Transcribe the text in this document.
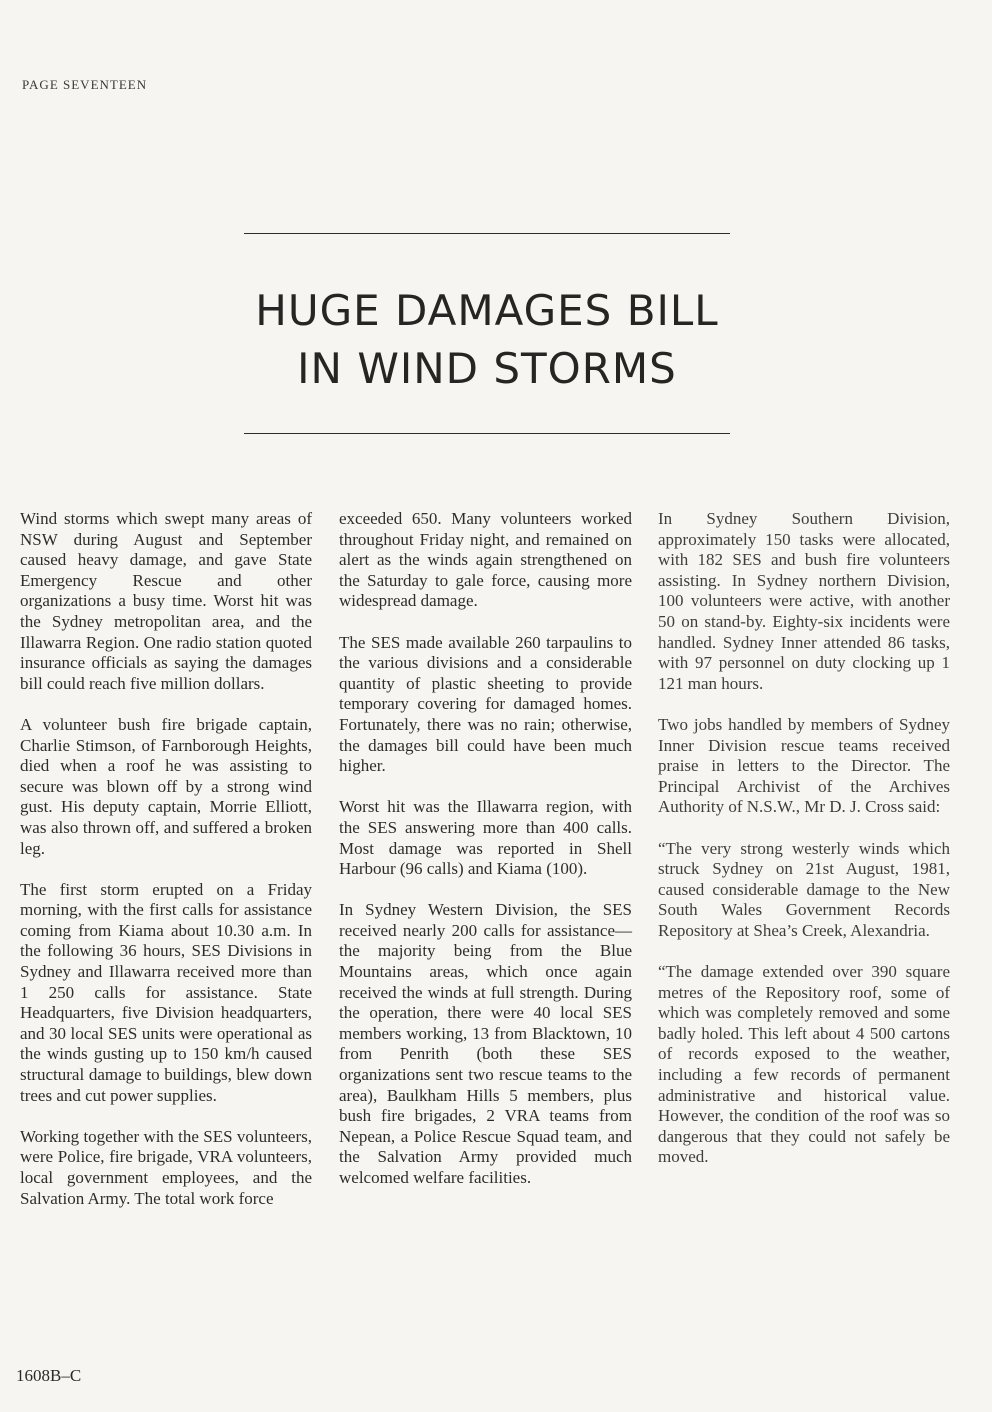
PAGE SEVENTEEN
HUGE DAMAGES BILL
IN WIND STORMS

Wind storms which swept many areas of NSW during August and September caused heavy damage, and gave State Emergency Rescue and other organizations a busy time. Worst hit was the Sydney metropolitan area, and the Illawarra Region. One radio station quoted insurance officials as saying the damages bill could reach five million dollars.

A volunteer bush fire brigade captain, Charlie Stimson, of Farnborough Heights, died when a roof he was assisting to secure was blown off by a strong wind gust. His deputy captain, Morrie Elliott, was also thrown off, and suffered a broken leg.

The first storm erupted on a Friday morning, with the first calls for assistance coming from Kiama about 10.30 a.m. In the following 36 hours, SES Divisions in Sydney and Illawarra received more than 1 250 calls for assistance. State Headquarters, five Division headquarters, and 30 local SES units were operational as the winds gusting up to 150 km/h caused structural damage to buildings, blew down trees and cut power supplies.

Working together with the SES volunteers, were Police, fire brigade, VRA volunteers, local government employees, and the Salvation Army. The total work force

exceeded 650. Many volunteers worked throughout Friday night, and remained on alert as the winds again strengthened on the Saturday to gale force, causing more widespread damage.

The SES made available 260 tarpaulins to the various divisions and a considerable quantity of plastic sheeting to provide temporary covering for damaged homes. Fortunately, there was no rain; otherwise, the damages bill could have been much higher.

Worst hit was the Illawarra region, with the SES answering more than 400 calls. Most damage was reported in Shell Harbour (96 calls) and Kiama (100).

In Sydney Western Division, the SES received nearly 200 calls for assistance—the majority being from the Blue Mountains areas, which once again received the winds at full strength. During the operation, there were 40 local SES members working, 13 from Blacktown, 10 from Penrith (both these SES organizations sent two rescue teams to the area), Baulkham Hills 5 members, plus bush fire brigades, 2 VRA teams from Nepean, a Police Rescue Squad team, and the Salvation Army provided much welcomed welfare facilities.

In Sydney Southern Division, approximately 150 tasks were allocated, with 182 SES and bush fire volunteers assisting. In Sydney northern Division, 100 volunteers were active, with another 50 on stand-by. Eighty-six incidents were handled. Sydney Inner attended 86 tasks, with 97 personnel on duty clocking up 1 121 man hours.

Two jobs handled by members of Sydney Inner Division rescue teams received praise in letters to the Director. The Principal Archivist of the Archives Authority of N.S.W., Mr D. J. Cross said:

“The very strong westerly winds which struck Sydney on 21st August, 1981, caused considerable damage to the New South Wales Government Records Repository at Shea’s Creek, Alexandria.

“The damage extended over 390 square metres of the Repository roof, some of which was completely removed and some badly holed. This left about 4 500 cartons of records exposed to the weather, including a few records of permanent administrative and historical value. However, the condition of the roof was so dangerous that they could not safely be moved.

1608B–C
